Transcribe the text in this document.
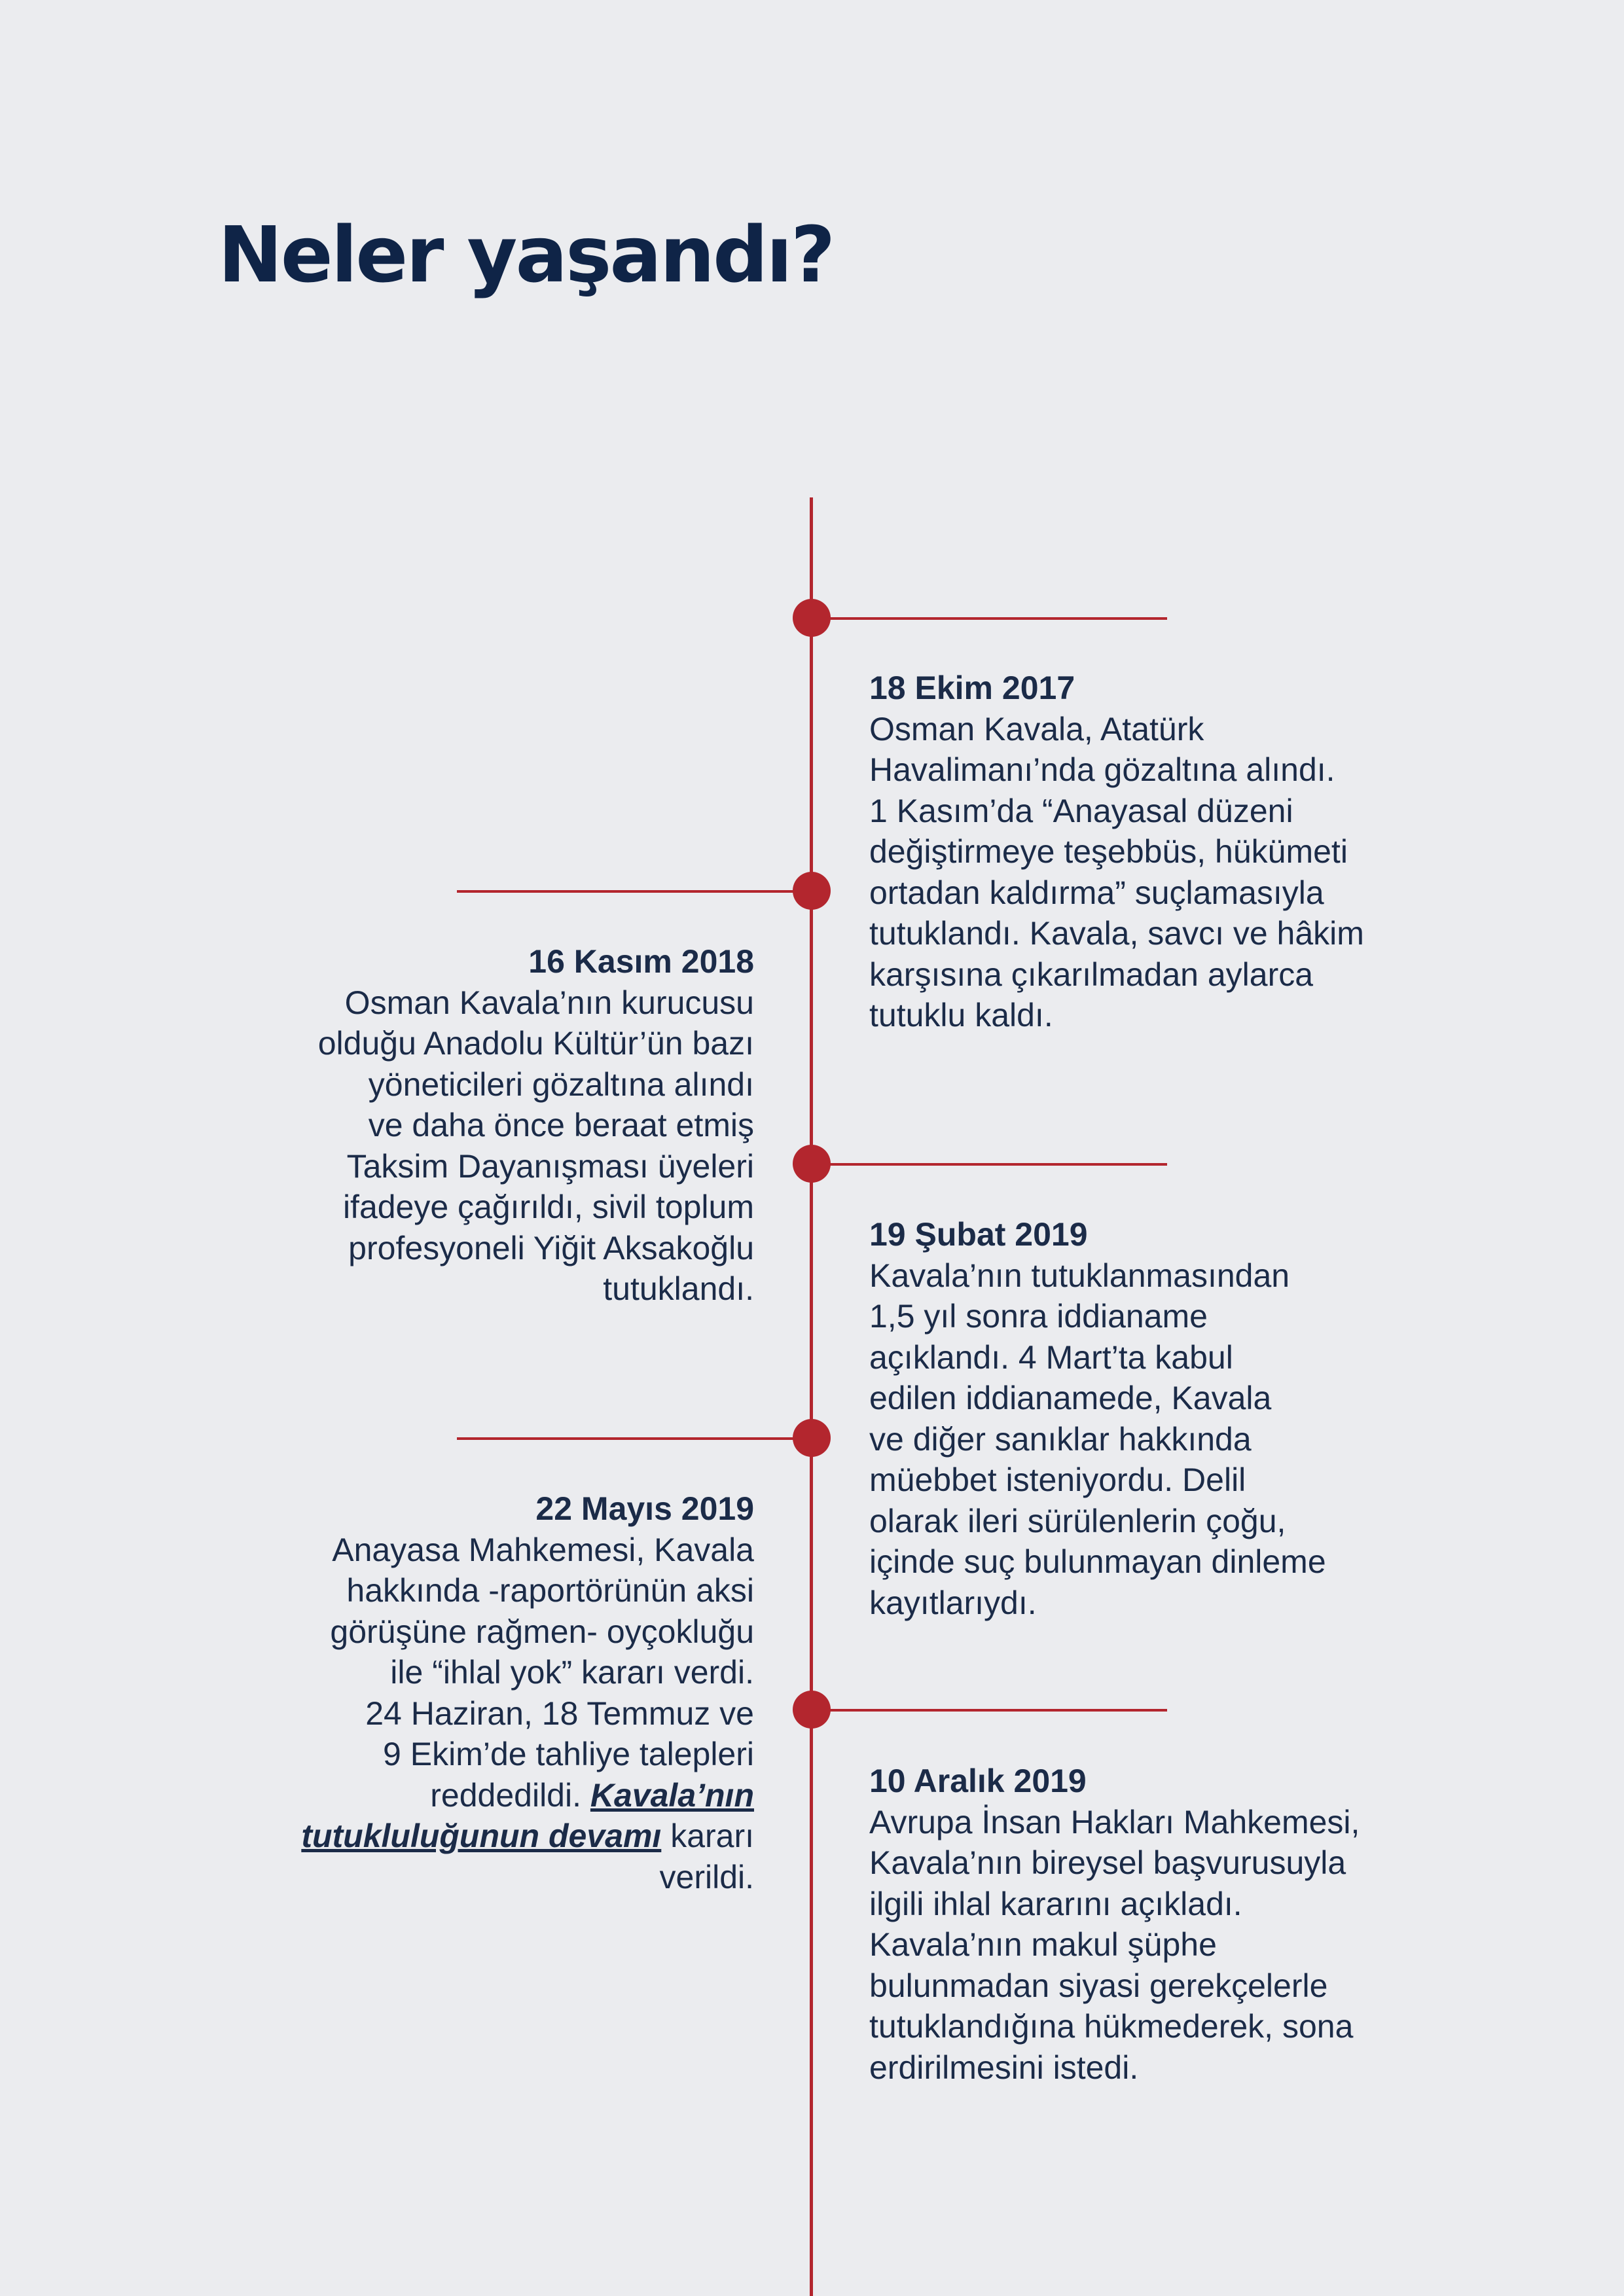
Neler yaşandı?
18 Ekim 2017
Osman Kavala, Atatürk
Havalimanı’nda gözaltına alındı.
1 Kasım’da “Anayasal düzeni
değiştirmeye teşebbüs, hükümeti
ortadan kaldırma” suçlamasıyla
tutuklandı. Kavala, savcı ve hâkim
karşısına çıkarılmadan aylarca
tutuklu kaldı.
16 Kasım 2018
Osman Kavala’nın kurucusu
olduğu Anadolu Kültür’ün bazı
yöneticileri gözaltına alındı
ve daha önce beraat etmiş
Taksim Dayanışması üyeleri
ifadeye çağırıldı, sivil toplum
profesyoneli Yiğit Aksakoğlu
tutuklandı.
19 Şubat 2019
Kavala’nın tutuklanmasından
1,5 yıl sonra iddianame
açıklandı. 4 Mart’ta kabul
edilen iddianamede, Kavala
ve diğer sanıklar hakkında
müebbet isteniyordu. Delil
olarak ileri sürülenlerin çoğu,
içinde suç bulunmayan dinleme
kayıtlarıydı.
22 Mayıs 2019
Anayasa Mahkemesi, Kavala
hakkında -raportörünün aksi
görüşüne rağmen- oyçokluğu
ile “ihlal yok” kararı verdi.
24 Haziran, 18 Temmuz ve
9 Ekim’de tahliye talepleri
reddedildi. Kavala’nın
tutukluluğunun devamı kararı
verildi.
10 Aralık 2019
Avrupa İnsan Hakları Mahkemesi,
Kavala’nın bireysel başvurusuyla
ilgili ihlal kararını açıkladı.
Kavala’nın makul şüphe
bulunmadan siyasi gerekçelerle
tutuklandığına hükmederek, sona
erdirilmesini istedi.
